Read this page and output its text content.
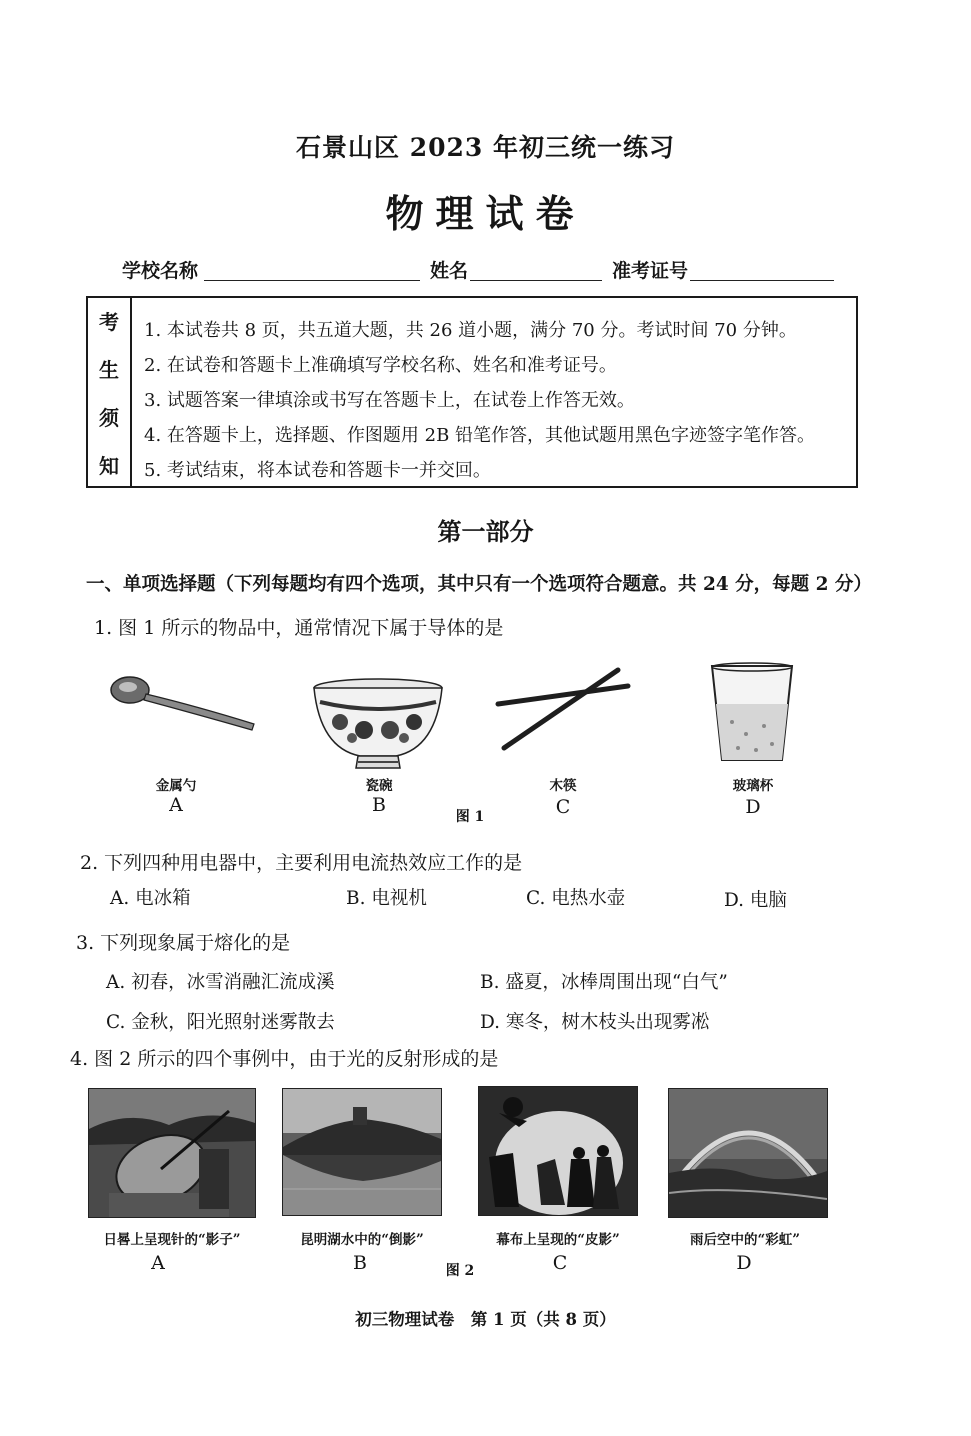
石景山区 2023 年初三统一练习
物理试卷
学校名称	姓名	准考证号
考
生
须
知
1. 本试卷共 8 页，共五道大题，共 26 道小题，满分 70 分。考试时间 70 分钟。
2. 在试卷和答题卡上准确填写学校名称、姓名和准考证号。
3. 试题答案一律填涂或书写在答题卡上，在试卷上作答无效。
4. 在答题卡上，选择题、作图题用 2B 铅笔作答，其他试题用黑色字迹签字笔作答。
5. 考试结束，将本试卷和答题卡一并交回。
第一部分
一、单项选择题（下列每题均有四个选项，其中只有一个选项符合题意。共 24 分，每题 2 分）
1. 图 1 所示的物品中，通常情况下属于导体的是
金属勺	瓷碗	木筷	玻璃杯
A	B	C	D
图 1
2. 下列四种用电器中，主要利用电流热效应工作的是
A. 电冰箱	B. 电视机	C. 电热水壶	D. 电脑
3. 下列现象属于熔化的是
A. 初春，冰雪消融汇流成溪	B. 盛夏，冰棒周围出现“白气”
C. 金秋，阳光照射迷雾散去	D. 寒冬，树木枝头出现雾凇
4. 图 2 所示的四个事例中，由于光的反射形成的是
日晷上呈现针的“影子”	昆明湖水中的“倒影”	幕布上呈现的“皮影”	雨后空中的“彩虹”
A	B	C	D
图 2
初三物理试卷　第 1 页（共 8 页）
